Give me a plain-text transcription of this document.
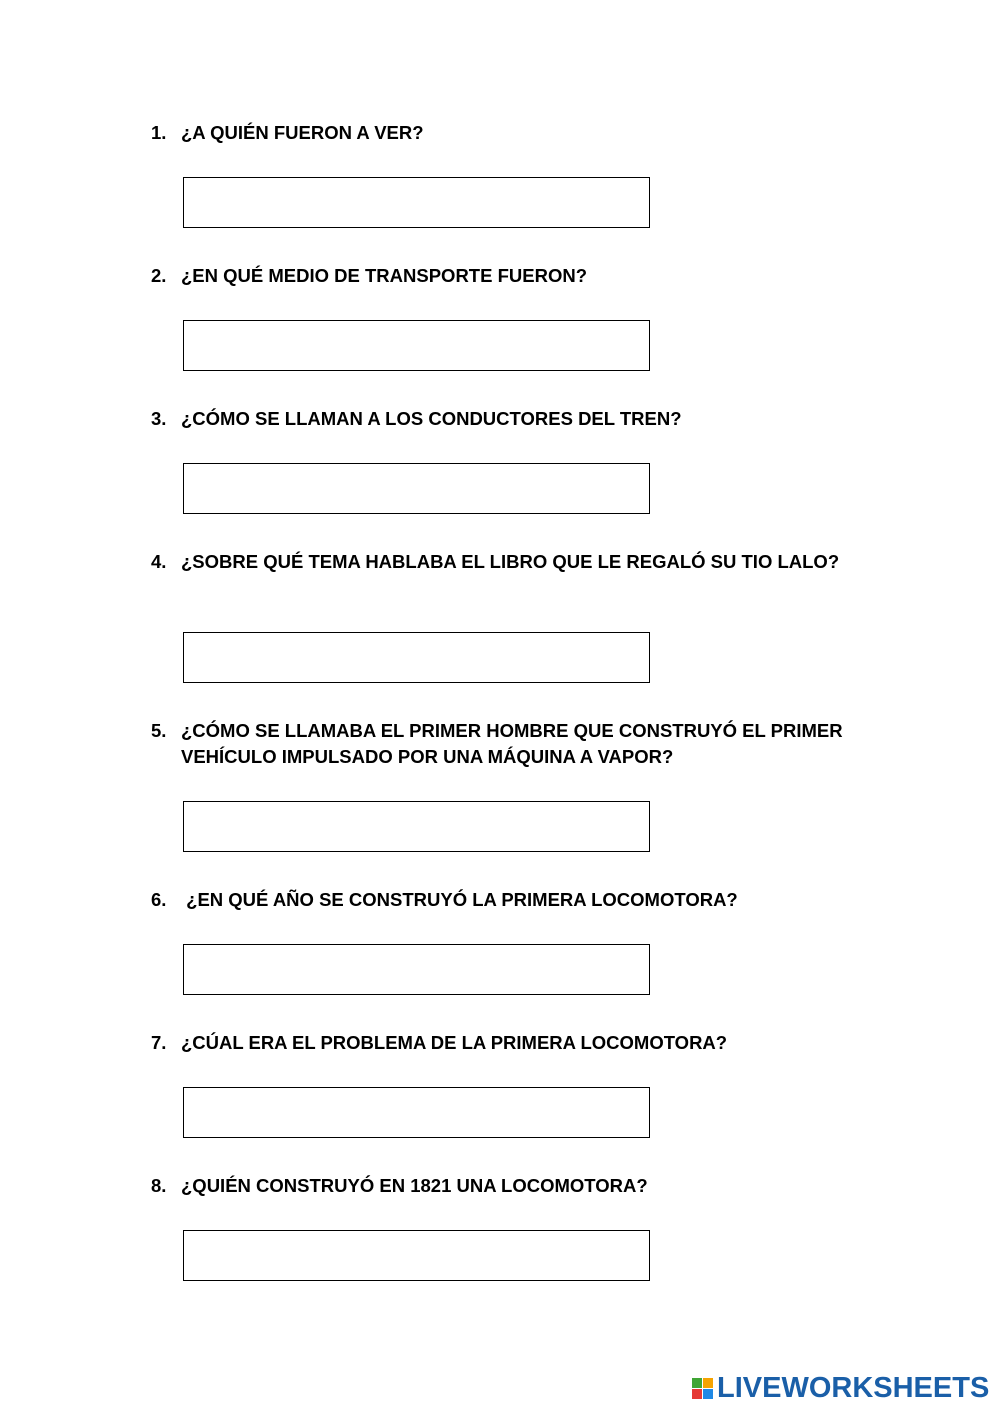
1. ¿A QUIÉN FUERON A VER?
2. ¿EN QUÉ MEDIO DE TRANSPORTE FUERON?
3. ¿CÓMO SE LLAMAN A LOS CONDUCTORES DEL TREN?
4. ¿SOBRE QUÉ TEMA HABLABA EL LIBRO QUE LE REGALÓ SU TIO LALO?
5. ¿CÓMO SE LLAMABA EL PRIMER HOMBRE QUE CONSTRUYÓ EL PRIMER VEHÍCULO IMPULSADO POR UNA MÁQUINA A VAPOR?
6. ¿EN QUÉ AÑO SE CONSTRUYÓ LA PRIMERA LOCOMOTORA?
7. ¿CÚAL ERA EL PROBLEMA DE LA PRIMERA LOCOMOTORA?
8. ¿QUIÉN CONSTRUYÓ EN 1821 UNA LOCOMOTORA?
LIVEWORKSHEETS
